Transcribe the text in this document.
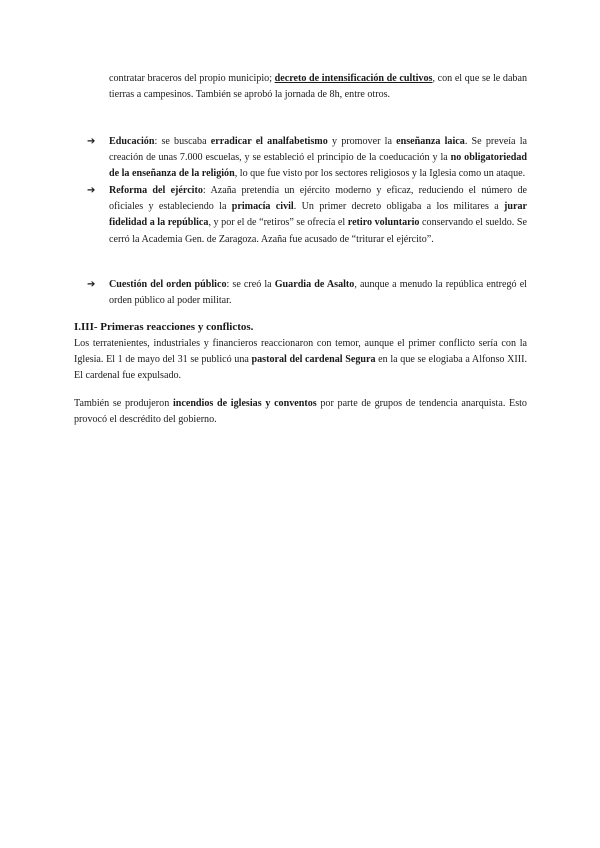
contratar braceros del propio municipio; decreto de intensificación de cultivos, con el que se le daban tierras a campesinos. También se aprobó la jornada de 8h, entre otros.

➔ Educación: se buscaba erradicar el analfabetismo y promover la enseñanza laica. Se preveía la creación de unas 7.000 escuelas, y se estableció el principio de la coeducación y la no obligatoriedad de la enseñanza de la religión, lo que fue visto por los sectores religiosos y la Iglesia como un ataque.
➔ Reforma del ejército: Azaña pretendía un ejército moderno y eficaz, reduciendo el número de oficiales y estableciendo la primacía civil. Un primer decreto obligaba a los militares a jurar fidelidad a la república, y por el de “retiros” se ofrecía el retiro voluntario conservando el sueldo. Se cerró la Academia Gen. de Zaragoza. Azaña fue acusado de “triturar el ejército”.
➔ Cuestión del orden público: se creó la Guardia de Asalto, aunque a menudo la república entregó el orden público al poder militar.
I.III- Primeras reacciones y conflictos.

Los terratenientes, industriales y financieros reaccionaron con temor, aunque el primer conflicto sería con la Iglesia. El 1 de mayo del 31 se publicó una pastoral del cardenal Segura en la que se elogiaba a Alfonso XIII. El cardenal fue expulsado.

También se produjeron incendios de iglesias y conventos por parte de grupos de tendencia anarquista. Esto provocó el descrédito del gobierno.
